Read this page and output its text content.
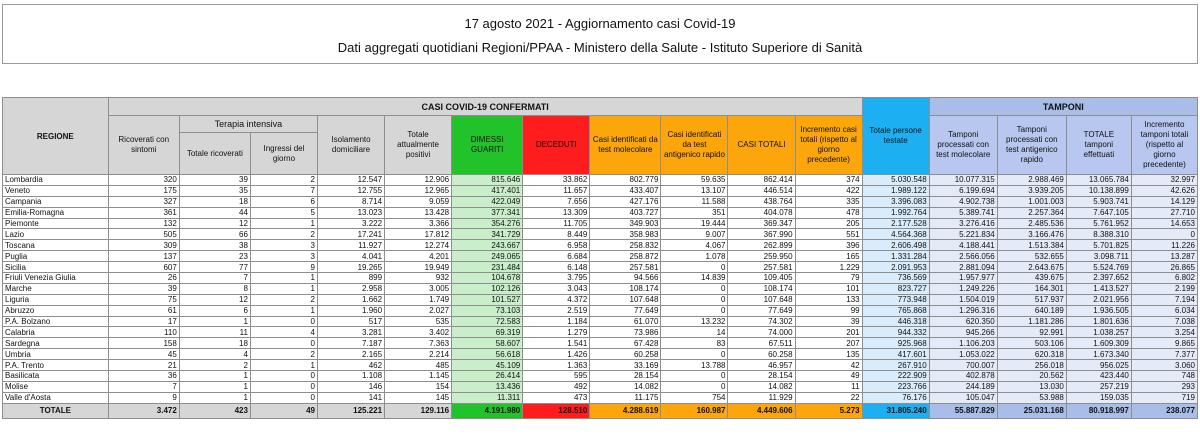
17 agosto 2021 - Aggiornamento casi Covid-19
Dati aggregati quotidiani Regioni/PPAA - Ministero della Salute - Istituto Superiore di Sanità
REGIONE	CASI COVID-19 CONFERMATI											Totale persone testate	TAMPONI			
	Ricoverati con sintomi	Terapia intensiva		Isolamento domiciliare	Totale attualmente positivi	DIMESSI GUARITI	DECEDUTI	Casi identificati da test molecolare	Casi identificati da test antigenico rapido	CASI TOTALI	Incremento casi totali (rispetto al giorno precedente)		Tamponi processati con test molecolare	Tamponi processati con test antigenico rapido	TOTALE tamponi effettuati	Incremento tamponi totali (rispetto al giorno precedente)
		Totale ricoverati	Ingressi del giorno													
Lombardia	320	39	2	12.547	12.906	815.646	33.862	802.779	59.635	862.414	374	5.030.548	10.077.315	2.988.469	13.065.784	32.997
Veneto	175	35	7	12.755	12.965	417.401	11.657	433.407	13.107	446.514	422	1.989.122	6.199.694	3.939.205	10.138.899	42.626
Campania	327	18	6	8.714	9.059	422.049	7.656	427.176	11.588	438.764	335	3.396.083	4.902.738	1.001.003	5.903.741	14.129
Emilia-Romagna	361	44	5	13.023	13.428	377.341	13.309	403.727	351	404.078	478	1.992.764	5.389.741	2.257.364	7.647.105	27.710
Piemonte	132	12	1	3.222	3.366	354.276	11.705	349.903	19.444	369.347	205	2.177.528	3.276.416	2.485.536	5.761.952	14.653
Lazio	505	66	2	17.241	17.812	341.729	8.449	358.983	9.007	367.990	551	4.564.368	5.221.834	3.166.476	8.388.310	0
Toscana	309	38	3	11.927	12.274	243.667	6.958	258.832	4.067	262.899	396	2.606.498	4.188.441	1.513.384	5.701.825	11.226
Puglia	137	23	3	4.041	4.201	249.065	6.684	258.872	1.078	259.950	165	1.331.284	2.566.056	532.655	3.098.711	13.287
Sicilia	607	77	9	19.265	19.949	231.484	6.148	257.581	0	257.581	1.229	2.091.953	2.881.094	2.643.675	5.524.769	26.865
Friuli Venezia Giulia	26	7	1	899	932	104.678	3.795	94.566	14.839	109.405	79	736.569	1.957.977	439.675	2.397.652	6.802
Marche	39	8	1	2.958	3.005	102.126	3.043	108.174	0	108.174	101	823.727	1.249.226	164.301	1.413.527	2.199
Liguria	75	12	2	1.662	1.749	101.527	4.372	107.648	0	107.648	133	773.948	1.504.019	517.937	2.021.956	7.194
Abruzzo	61	6	1	1.960	2.027	73.103	2.519	77.649	0	77.649	99	765.868	1.296.316	640.189	1.936.505	6.034
P.A. Bolzano	17	1	0	517	535	72.583	1.184	61.070	13.232	74.302	39	446.318	620.350	1.181.286	1.801.636	7.038
Calabria	110	11	4	3.281	3.402	69.319	1.279	73.986	14	74.000	201	944.332	945.266	92.991	1.038.257	3.254
Sardegna	158	18	0	7.187	7.363	58.607	1.541	67.428	83	67.511	207	925.968	1.106.203	503.106	1.609.309	9.865
Umbria	45	4	2	2.165	2.214	56.618	1.426	60.258	0	60.258	135	417.601	1.053.022	620.318	1.673.340	7.377
P.A. Trento	21	2	1	462	485	45.109	1.363	33.169	13.788	46.957	42	267.910	700.007	256.018	956.025	3.060
Basilicata	36	1	0	1.108	1.145	26.414	595	28.154	0	28.154	49	222.909	402.878	20.562	423.440	748
Molise	7	1	0	146	154	13.436	492	14.082	0	14.082	11	223.766	244.189	13.030	257.219	293
Valle d'Aosta	9	1	0	141	145	11.311	473	11.175	754	11.929	22	76.176	105.047	53.988	159.035	719
TOTALE	3.472	423	49	125.221	129.116	4.191.980	128.510	4.288.619	160.987	4.449.606	5.273	31.805.240	55.887.829	25.031.168	80.918.997	238.077
